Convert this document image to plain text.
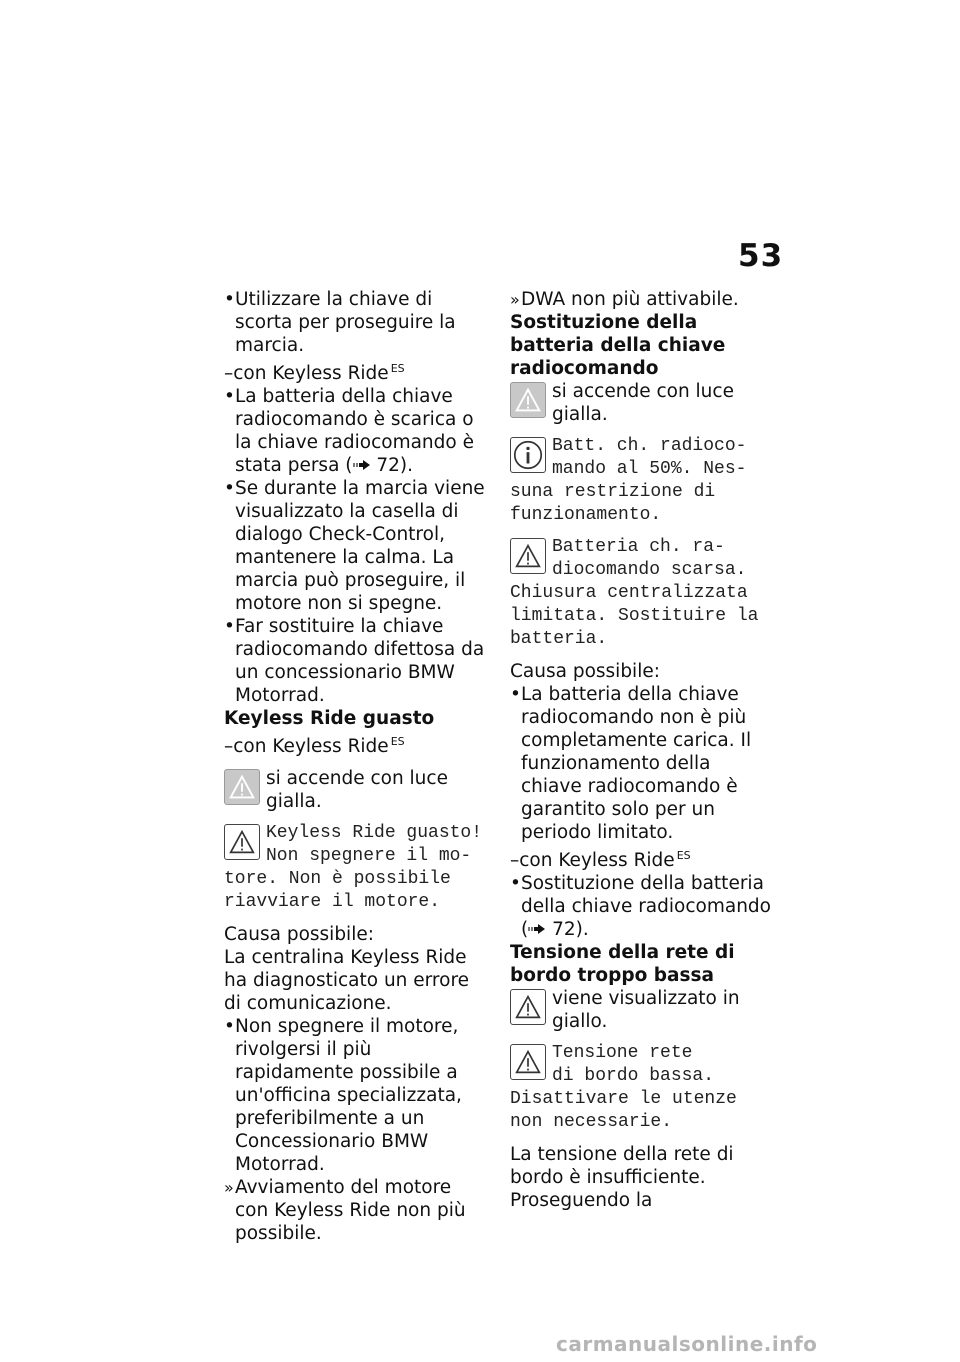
53

• Utilizzare la chiave di scorta per proseguire la marcia.

–con Keyless Ride $^{ES}$

• La batteria della chiave radiocomando è scarica o la chiave radiocomando è stata persa ( 72).

• Se durante la marcia viene visualizzato la casella di dialogo Check-Control, mantenere la calma. La marcia può proseguire, il motore non si spegne.

• Far sostituire la chiave radiocomando difettosa da un concessionario BMW Motorrad.

Keyless Ride guasto

–con Keyless Ride $^{ES}$

si accende con luce gialla.
Keyless Ride guasto!
Non spegnere il mo-
tore. Non è possibile riavviare il motore.

Causa possibile:

La centralina Keyless Ride ha diagnosticato un errore di comunicazione.

• Non spegnere il motore, rivolgersi il più rapidamente possibile a un'officina specializzata, preferibilmente a un Concessionario BMW Motorrad.

» Avviamento del motore con Keyless Ride non più possibile.

» DWA non più attivabile.

Sostituzione della batteria della chiave radiocomando

si accende con luce gialla.
Batt. ch. radioco-
mando al 50%. Nes-
suna restrizione di funzionamento.
Batteria ch. ra-
diocomando scarsa.
Chiusura centralizzata limitata. Sostituire la batteria.

Causa possibile:

• La batteria della chiave radiocomando non è più completamente carica. Il funzionamento della chiave radiocomando è garantito solo per un periodo limitato.

–con Keyless Ride $^{ES}$

• Sostituzione della batteria della chiave radiocomando ( 72).

Tensione della rete di bordo troppo bassa

viene visualizzato in giallo.
Tensione rete
di bordo bassa.
Disattivare le utenze non necessarie.

La tensione della rete di bordo è insufficiente. Proseguendo la

carmanualsonline.info
